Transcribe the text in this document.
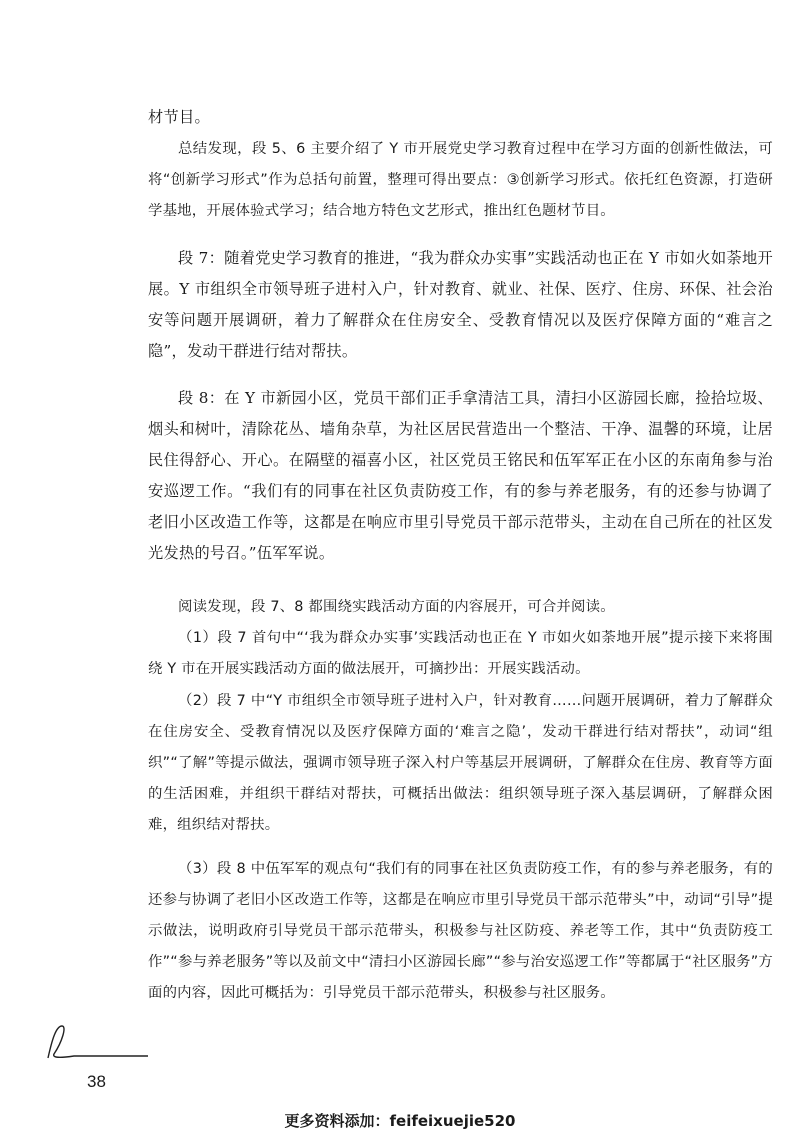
材节目。

总结发现，段 5、6 主要介绍了 Y 市开展党史学习教育过程中在学习方面的创新性做法，可将“创新学习形式”作为总括句前置，整理可得出要点：③创新学习形式。依托红色资源，打造研学基地，开展体验式学习；结合地方特色文艺形式，推出红色题材节目。

段 7：随着党史学习教育的推进，“我为群众办实事”实践活动也正在 Y 市如火如荼地开展。Y 市组织全市领导班子进村入户，针对教育、就业、社保、医疗、住房、环保、社会治安等问题开展调研，着力了解群众在住房安全、受教育情况以及医疗保障方面的“难言之隐”，发动干群进行结对帮扶。

段 8：在 Y 市新园小区，党员干部们正手拿清洁工具，清扫小区游园长廊，捡拾垃圾、烟头和树叶，清除花丛、墙角杂草，为社区居民营造出一个整洁、干净、温馨的环境，让居民住得舒心、开心。在隔壁的福喜小区，社区党员王铭民和伍军军正在小区的东南角参与治安巡逻工作。“我们有的同事在社区负责防疫工作，有的参与养老服务，有的还参与协调了老旧小区改造工作等，这都是在响应市里引导党员干部示范带头，主动在自己所在的社区发光发热的号召。”伍军军说。

阅读发现，段 7、8 都围绕实践活动方面的内容展开，可合并阅读。

（1）段 7 首句中“‘我为群众办实事’实践活动也正在 Y 市如火如荼地开展”提示接下来将围绕 Y 市在开展实践活动方面的做法展开，可摘抄出：开展实践活动。

（2）段 7 中“Y 市组织全市领导班子进村入户，针对教育……问题开展调研，着力了解群众在住房安全、受教育情况以及医疗保障方面的‘难言之隐’，发动干群进行结对帮扶”，动词“组织”“了解”等提示做法，强调市领导班子深入村户等基层开展调研，了解群众在住房、教育等方面的生活困难，并组织干群结对帮扶，可概括出做法：组织领导班子深入基层调研，了解群众困难，组织结对帮扶。

（3）段 8 中伍军军的观点句“我们有的同事在社区负责防疫工作，有的参与养老服务，有的还参与协调了老旧小区改造工作等，这都是在响应市里引导党员干部示范带头”中，动词“引导”提示做法，说明政府引导党员干部示范带头，积极参与社区防疫、养老等工作，其中“负责防疫工作”“参与养老服务”等以及前文中“清扫小区游园长廊”“参与治安巡逻工作”等都属于“社区服务”方面的内容，因此可概括为：引导党员干部示范带头，积极参与社区服务。

38
更多资料添加：feifeixuejie520
